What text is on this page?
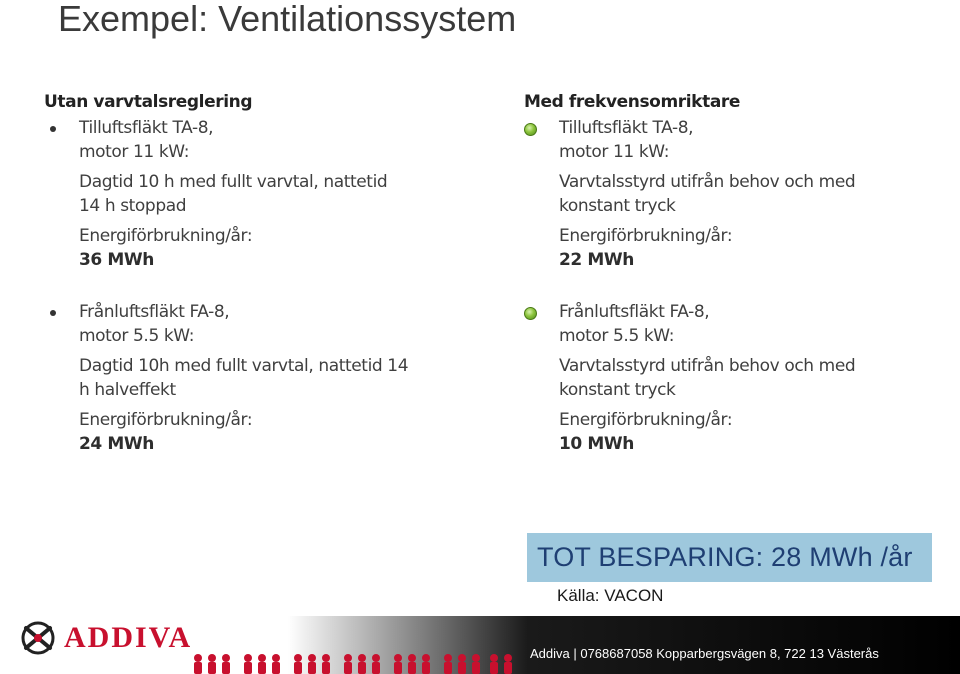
Exempel: Ventilationssystem
Utan varvtalsreglering
Tilluftsfläkt TA-8,
motor 11 kW:
Dagtid 10 h med fullt varvtal, nattetid
14 h stoppad
Energiförbrukning/år:
36 MWh
Frånluftsfläkt FA-8,
motor 5.5 kW:
Dagtid 10h med fullt varvtal, nattetid 14
h halveffekt
Energiförbrukning/år:
24 MWh
Med frekvensomriktare
Tilluftsfläkt TA-8,
motor 11 kW:
Varvtalsstyrd utifrån behov och med
konstant tryck
Energiförbrukning/år:
22 MWh
Frånluftsfläkt FA-8,
motor 5.5 kW:
Varvtalsstyrd utifrån behov och med
konstant tryck
Energiförbrukning/år:
10 MWh
TOT BESPARING: 28 MWh /år
Källa: VACON
ADDIVA	Addiva | 0768687058 Kopparbergsvägen 8, 722 13 Västerås
